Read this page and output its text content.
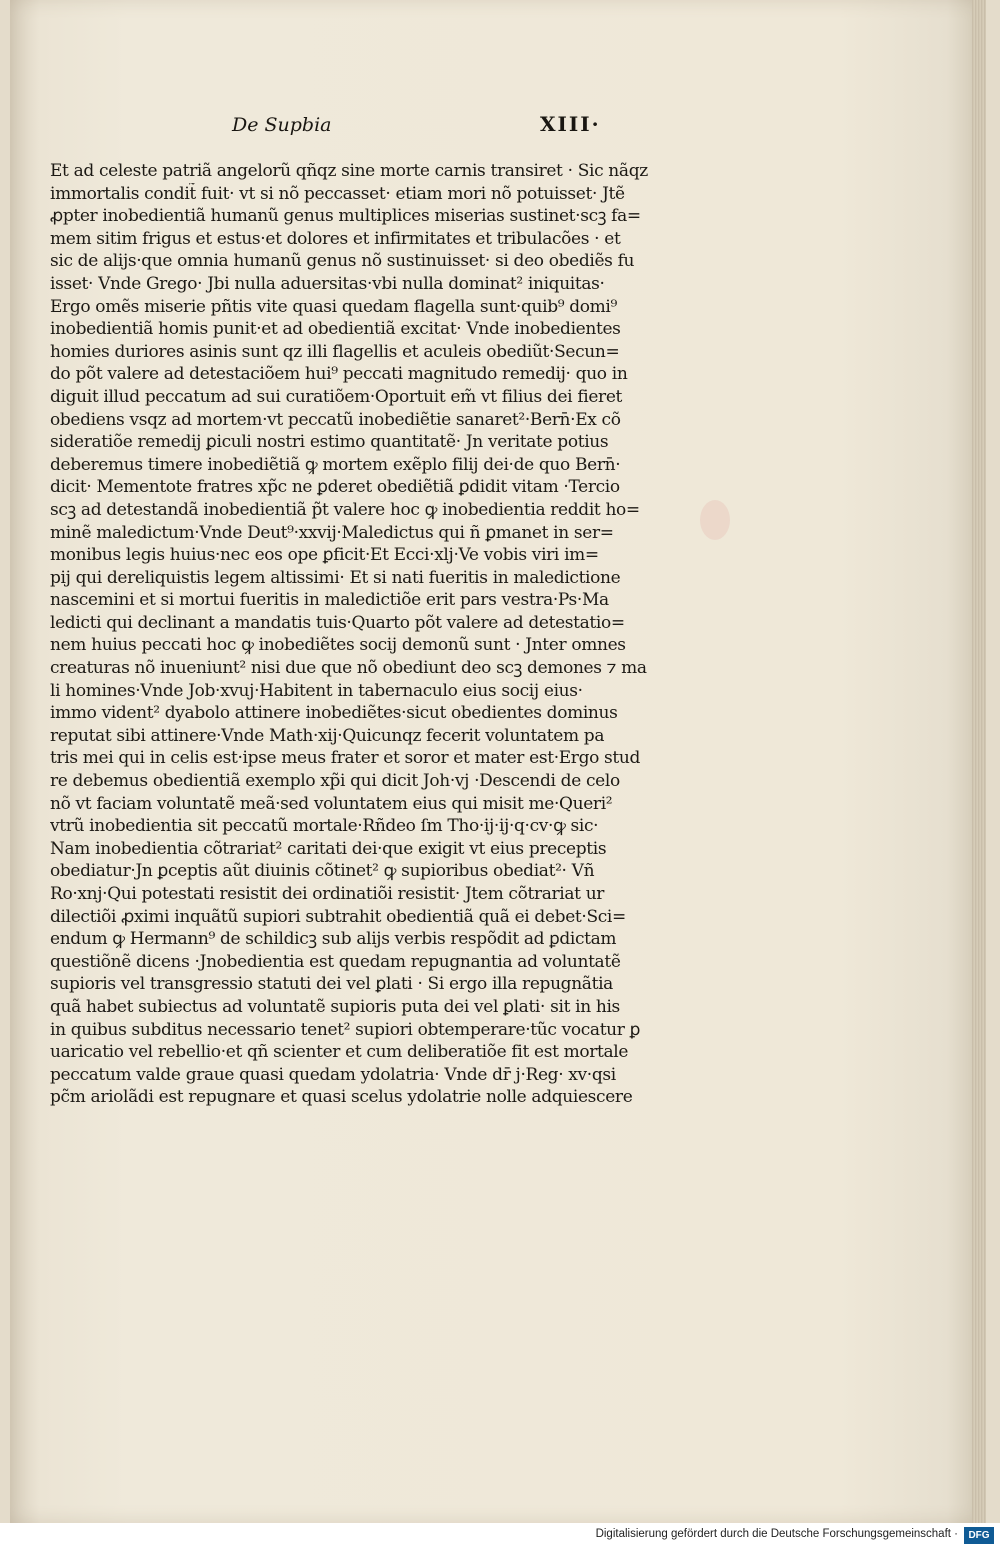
De Supbia	XIII·
Et ad celeste patriã angelorũ qñqz sine morte carnis transiret · Sic nãqz
immortalis condit̃ fuit· vt si nõ peccasset· etiam mori nõ potuisset· Jtẽ
ꝓpter inobedientiã humanũ genus multiplices miserias sustinet·scꝫ fa=
mem sitim frigus et estus·et dolores et infirmitates et tribulacões · et
sic de alijs·que omnia humanũ genus nõ sustinuisset· si deo obediẽs fu
isset· Vnde Grego· Jbi nulla aduersitas·vbi nulla dominat² iniquitas·
Ergo omẽs miserie pñtis vite quasi quedam flagella sunt·quib⁹ domi⁹
inobedientiã homis punit·et ad obedientiã excitat· Vnde inobedientes
homies duriores asinis sunt qz illi flagellis et aculeis obediũt·Secun=
do põt valere ad detestaciõem hui⁹ peccati magnitudo remedij· quo in
digui̇t illud peccatum ad sui curatiõem·Oportuit em̃ vt filius dei fieret
obediens vsqz ad mortem·vt peccatũ inobediẽtie sanaret²·Bern̄·Ex cõ
sideratiõe remedij ꝑiculi nostri estimo quantitatẽ· Jn veritate potius
deberemus timere inobediẽtiã ꝙ mortem exẽplo filij dei·de quo Bern̄·
dicit· Mementote fratres xp̃c ne ꝑderet obediẽtiã ꝑdidit vitam ·Tercio
scꝫ ad detestandã inobedientiã p̃t valere hoc ꝙ inobedientia reddit ho=
minẽ maledictum·Vnde Deut⁹·xxvij·Maledictus qui ñ ꝑmanet in ser=
monibus legis huius·nec eos ope ꝑficit·Et Ecci·xlj·Ve vobis viri im=
pij qui dereliquistis legem altissimi· Et si nati fueritis in maledictione
nascemini et si mortui fueritis in maledictiõe erit pars vestra·Ps·Ma
ledicti qui declinant a mandatis tuis·Quarto põt valere ad detestatio=
nem huius peccati hoc ꝙ inobediẽtes socij demonũ sunt · Jnter omnes
creaturas nõ inueniunt² nisi due que nõ obediunt deo scꝫ demones ⁊ ma
li homines·Vnde Job·xvuj·Habitent in tabernaculo eius socij eius·
immo vident² dyabolo attinere inobediẽtes·sicut obedientes dominus
reputat sibi attinere·Vnde Math·xij·Quicunqz fecerit voluntatem pa
tris mei qui in celis est·ipse meus frater et soror et mater est·Ergo stud
re debemus obedientiã exemplo xp̃i qui dicit Joh·vj ·Descendi de celo
nõ vt faciam voluntatẽ meã·sed voluntatem eius qui misit me·Queri²
vtrũ inobedientia sit peccatũ mortale·Rñdeo ſm Tho·ij·ij·q·cv·ꝙ sic·
Nam inobedientia cõtrariat² caritati dei·que exigit vt eius preceptis
obediatur·Jn ꝑceptis aũt diuinis cõtinet² ꝙ supioribus obediat²· Vñ
Ro·xnj·Qui potestati resistit dei ordinatiõi resistit· Jtem cõtrariat ur
dilectiõi ꝓximi inquãtũ supiori subtrahit obedientiã quã ei debet·Sci=
endum ꝙ Hermann⁹ de schildicꝫ sub alijs verbis respõdit ad ꝑdictam
questiõnẽ dicens ·Jnobedientia est quedam repugnantia ad voluntatẽ
supioris vel transgressio statuti dei vel ꝑlati · Si ergo illa repugnãtia
quã habet subiectus ad voluntatẽ supioris puta dei vel ꝑlati· sit in his
in quibus subditus necessario tenet² supiori obtemperare·tũc vocatur ꝑ
uaricatio vel rebellio·et qñ scienter et cum deliberatiõe fit est mortale
peccatum valde graue quasi quedam ydolatria· Vnde dr̄ j·Reg· xv·qsi
pc̃m ariolãdi est repugnare et quasi scelus ydolatrie nolle adquiescere
Digitalisierung gefördert durch die Deutsche Forschungsgemeinschaft ·	DFG
